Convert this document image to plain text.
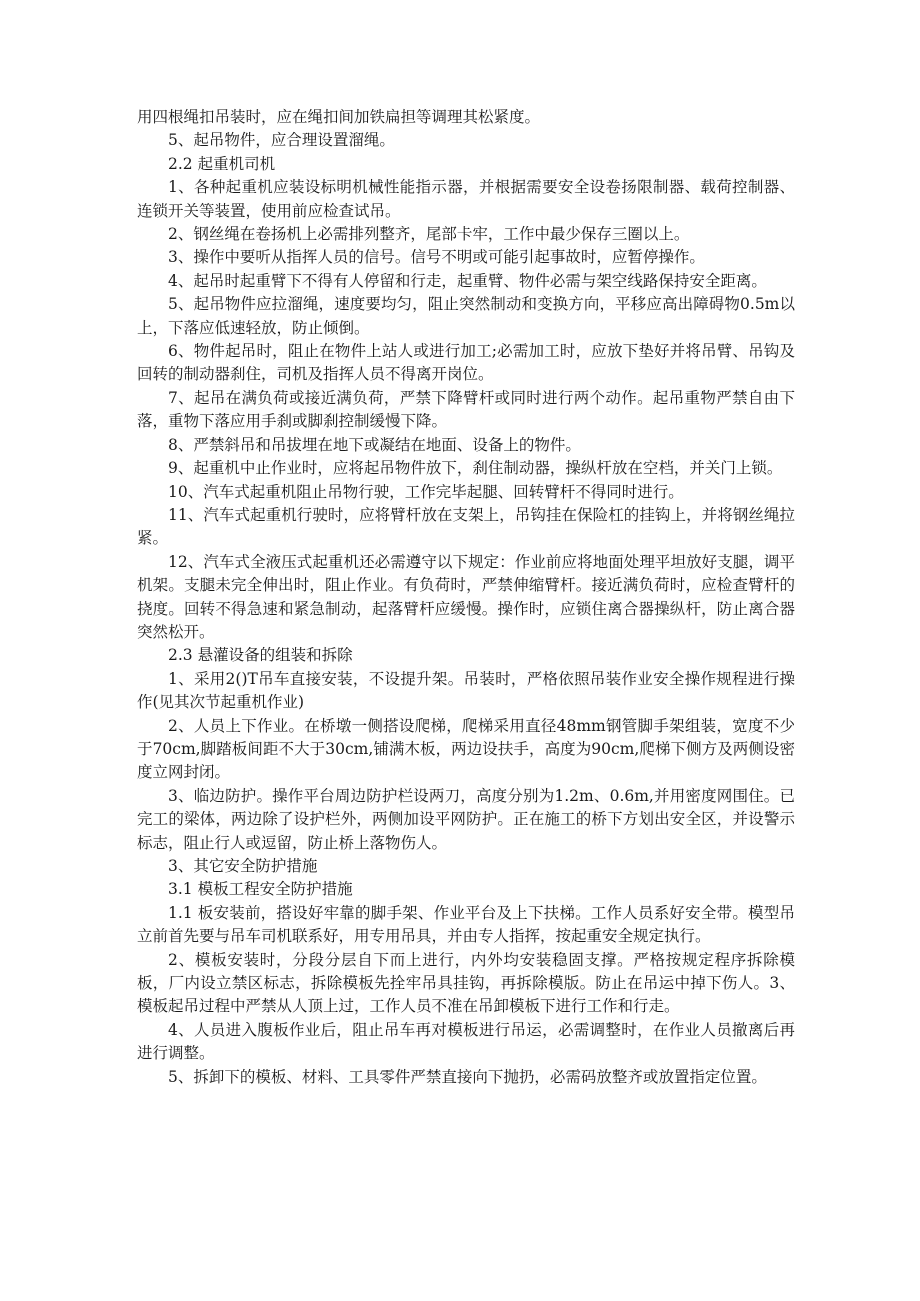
用四根绳扣吊装时，应在绳扣间加铁扁担等调理其松紧度。

5、起吊物件，应合理设置溜绳。

2.2 起重机司机

1、各种起重机应装设标明机械性能指示器，并根据需要安全设卷扬限制器、载荷控制器、连锁开关等装置，使用前应检查试吊。

2、钢丝绳在卷扬机上必需排列整齐，尾部卡牢，工作中最少保存三圈以上。

3、操作中要听从指挥人员的信号。信号不明或可能引起事故时，应暂停操作。

4、起吊时起重臂下不得有人停留和行走，起重臂、物件必需与架空线路保持安全距离。

5、起吊物件应拉溜绳，速度要均匀，阻止突然制动和变换方向，平移应高出障碍物0.5m以上，下落应低速轻放，防止倾倒。

6、物件起吊时，阻止在物件上站人或进行加工;必需加工时，应放下垫好并将吊臂、吊钩及回转的制动器刹住，司机及指挥人员不得离开岗位。

7、起吊在满负荷或接近满负荷，严禁下降臂杆或同时进行两个动作。起吊重物严禁自由下落，重物下落应用手刹或脚刹控制缓慢下降。

8、严禁斜吊和吊拔埋在地下或凝结在地面、设备上的物件。

9、起重机中止作业时，应将起吊物件放下，刹住制动器，操纵杆放在空档，并关门上锁。

10、汽车式起重机阻止吊物行驶，工作完毕起腿、回转臂杆不得同时进行。

11、汽车式起重机行驶时，应将臂杆放在支架上，吊钩挂在保险杠的挂钩上，并将钢丝绳拉紧。

12、汽车式全液压式起重机还必需遵守以下规定：作业前应将地面处理平坦放好支腿，调平机架。支腿未完全伸出时，阻止作业。有负荷时，严禁伸缩臂杆。接近满负荷时，应检查臂杆的挠度。回转不得急速和紧急制动，起落臂杆应缓慢。操作时，应锁住离合器操纵杆，防止离合器突然松开。

2.3 悬灌设备的组装和拆除

1、采用2()T吊车直接安装，不设提升架。吊装时，严格依照吊装作业安全操作规程进行操作(见其次节起重机作业)

2、人员上下作业。在桥墩一侧搭设爬梯，爬梯采用直径48mm钢管脚手架组装，宽度不少于70cm,脚踏板间距不大于30cm,铺满木板，两边设扶手，高度为90cm,爬梯下侧方及两侧设密度立网封闭。

3、临边防护。操作平台周边防护栏设两刀，高度分别为1.2m、0.6m,并用密度网围住。已完工的梁体，两边除了设护栏外，两侧加设平网防护。正在施工的桥下方划出安全区，并设警示标志，阻止行人或逗留，防止桥上落物伤人。

3、其它安全防护措施

3.1 模板工程安全防护措施

1.1 板安装前，搭设好牢靠的脚手架、作业平台及上下扶梯。工作人员系好安全带。模型吊立前首先要与吊车司机联系好，用专用吊具，并由专人指挥，按起重安全规定执行。

2、模板安装时，分段分层自下而上进行，内外均安装稳固支撑。严格按规定程序拆除模板，厂内设立禁区标志，拆除模板先拴牢吊具挂钩，再拆除模版。防止在吊运中掉下伤人。3、模板起吊过程中严禁从人顶上过，工作人员不准在吊卸模板下进行工作和行走。

4、人员进入腹板作业后，阻止吊车再对模板进行吊运，必需调整时，在作业人员撤离后再进行调整。

5、拆卸下的模板、材料、工具零件严禁直接向下抛扔，必需码放整齐或放置指定位置。
